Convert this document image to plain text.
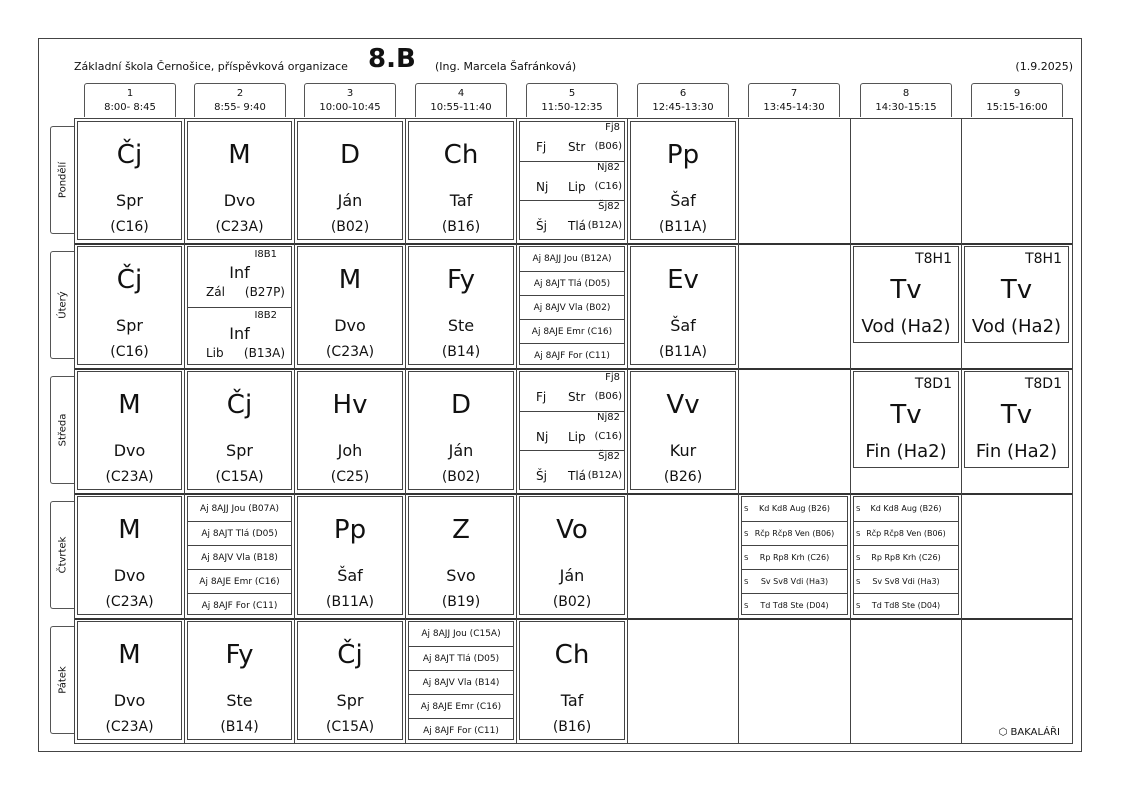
Základní škola Černošice, příspěvková organizace 8.B (Ing. Marcela Šafránková)	(1.9.2025)
1
8:00- 8:45
2
8:55- 9:40
3
10:00-10:45
4
10:55-11:40
5
11:50-12:35
6
12:45-13:30
7
13:45-14:30
8
14:30-15:15
9
15:15-16:00
Pondělí
Úterý
Středa
Čtvrtek
Pátek
⬡ BAKALÁŘI
Čj
Spr
(C16)
M
Dvo
(C23A)
D
Ján
(B02)
Ch
Taf
(B16)
Fj8
Fj Str (B06)
Nj82
Nj Lip (C16)
Šj82
Šj Tlá (B12A)
Pp
Šaf
(B11A)
Čj
Spr
(C16)
I8B1
Inf
Zál (B27P)
I8B2
Inf
Lib (B13A)
M
Dvo
(C23A)
Fy
Ste
(B14)
Aj 8AJJ Jou (B12A)
Aj 8AJT Tlá (D05)
Aj 8AJV Vla (B02)
Aj 8AJE Emr (C16)
Aj 8AJF For (C11)
Ev
Šaf
(B11A)
T8H1
Tv
Vod (Ha2)
T8H1
Tv
Vod (Ha2)
M
Dvo
(C23A)
Čj
Spr
(C15A)
Hv
Joh
(C25)
D
Ján
(B02)
Fj8
Fj Str (B06)
Nj82
Nj Lip (C16)
Šj82
Šj Tlá (B12A)
Vv
Kur
(B26)
T8D1
Tv
Fin (Ha2)
T8D1
Tv
Fin (Ha2)
M
Dvo
(C23A)
Aj 8AJJ Jou (B07A)
Aj 8AJT Tlá (D05)
Aj 8AJV Vla (B18)
Aj 8AJE Emr (C16)
Aj 8AJF For (C11)
Pp
Šaf
(B11A)
Z
Svo
(B19)
Vo
Ján
(B02)
S Kd Kd8 Aug (B26)
S Rčp Rčp8 Ven (B06)
S Rp Rp8 Krh (C26)
S Sv Sv8 Vdi (Ha3)
S Td Td8 Ste (D04)
S Kd Kd8 Aug (B26)
S Rčp Rčp8 Ven (B06)
S Rp Rp8 Krh (C26)
S Sv Sv8 Vdi (Ha3)
S Td Td8 Ste (D04)
M
Dvo
(C23A)
Fy
Ste
(B14)
Čj
Spr
(C15A)
Aj 8AJJ Jou (C15A)
Aj 8AJT Tlá (D05)
Aj 8AJV Vla (B14)
Aj 8AJE Emr (C16)
Aj 8AJF For (C11)
Ch
Taf
(B16)
